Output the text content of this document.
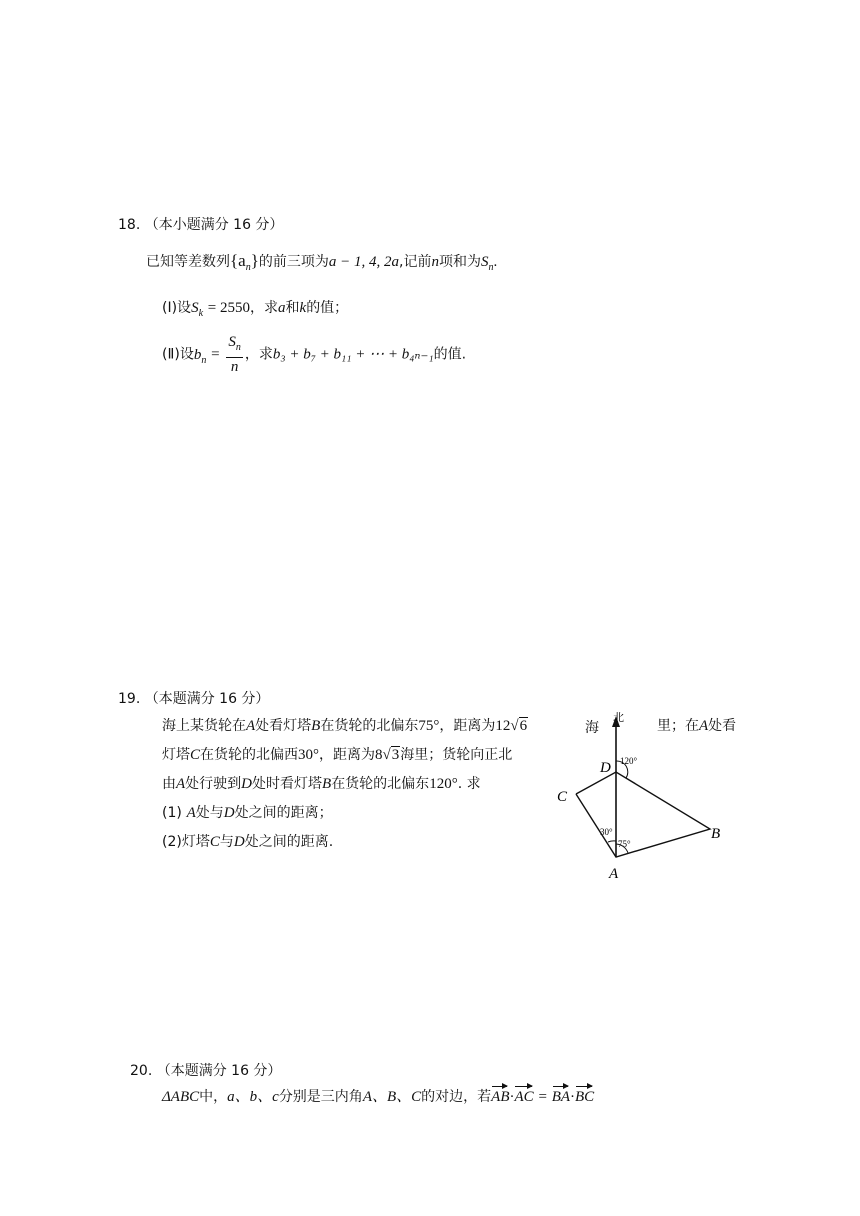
18. （本小题满分 16 分）
已知等差数列$\{a_n\}$的前三项为a − 1, 4, 2a,记前n项和为$S_n$.
(Ⅰ)设$S_k = 2550$，求a和k的值；
(Ⅱ)设$b_n = \frac{S_n}{n}$ ，求b₃ + b₇ + b₁₁ + ⋯ + b₄ₙ₋₁的值.
19. （本题满分 16 分）
海上某货轮在A处看灯塔B在货轮的北偏东75°，距离为12√6	海	里；在A处看
灯塔C在货轮的北偏西30°，距离为8√3海里；货轮向正北
由A处行驶到D处时看灯塔B在货轮的北偏东120°. 求
(1) A处与D处之间的距离；
(2)灯塔C与D处之间的距离.
北
D
C
B
A
30°
75°
120°
20. （本题满分 16 分）
ΔABC中，a、b、c分别是三内角A、B、C的对边，若AB·AC = BA·BC
